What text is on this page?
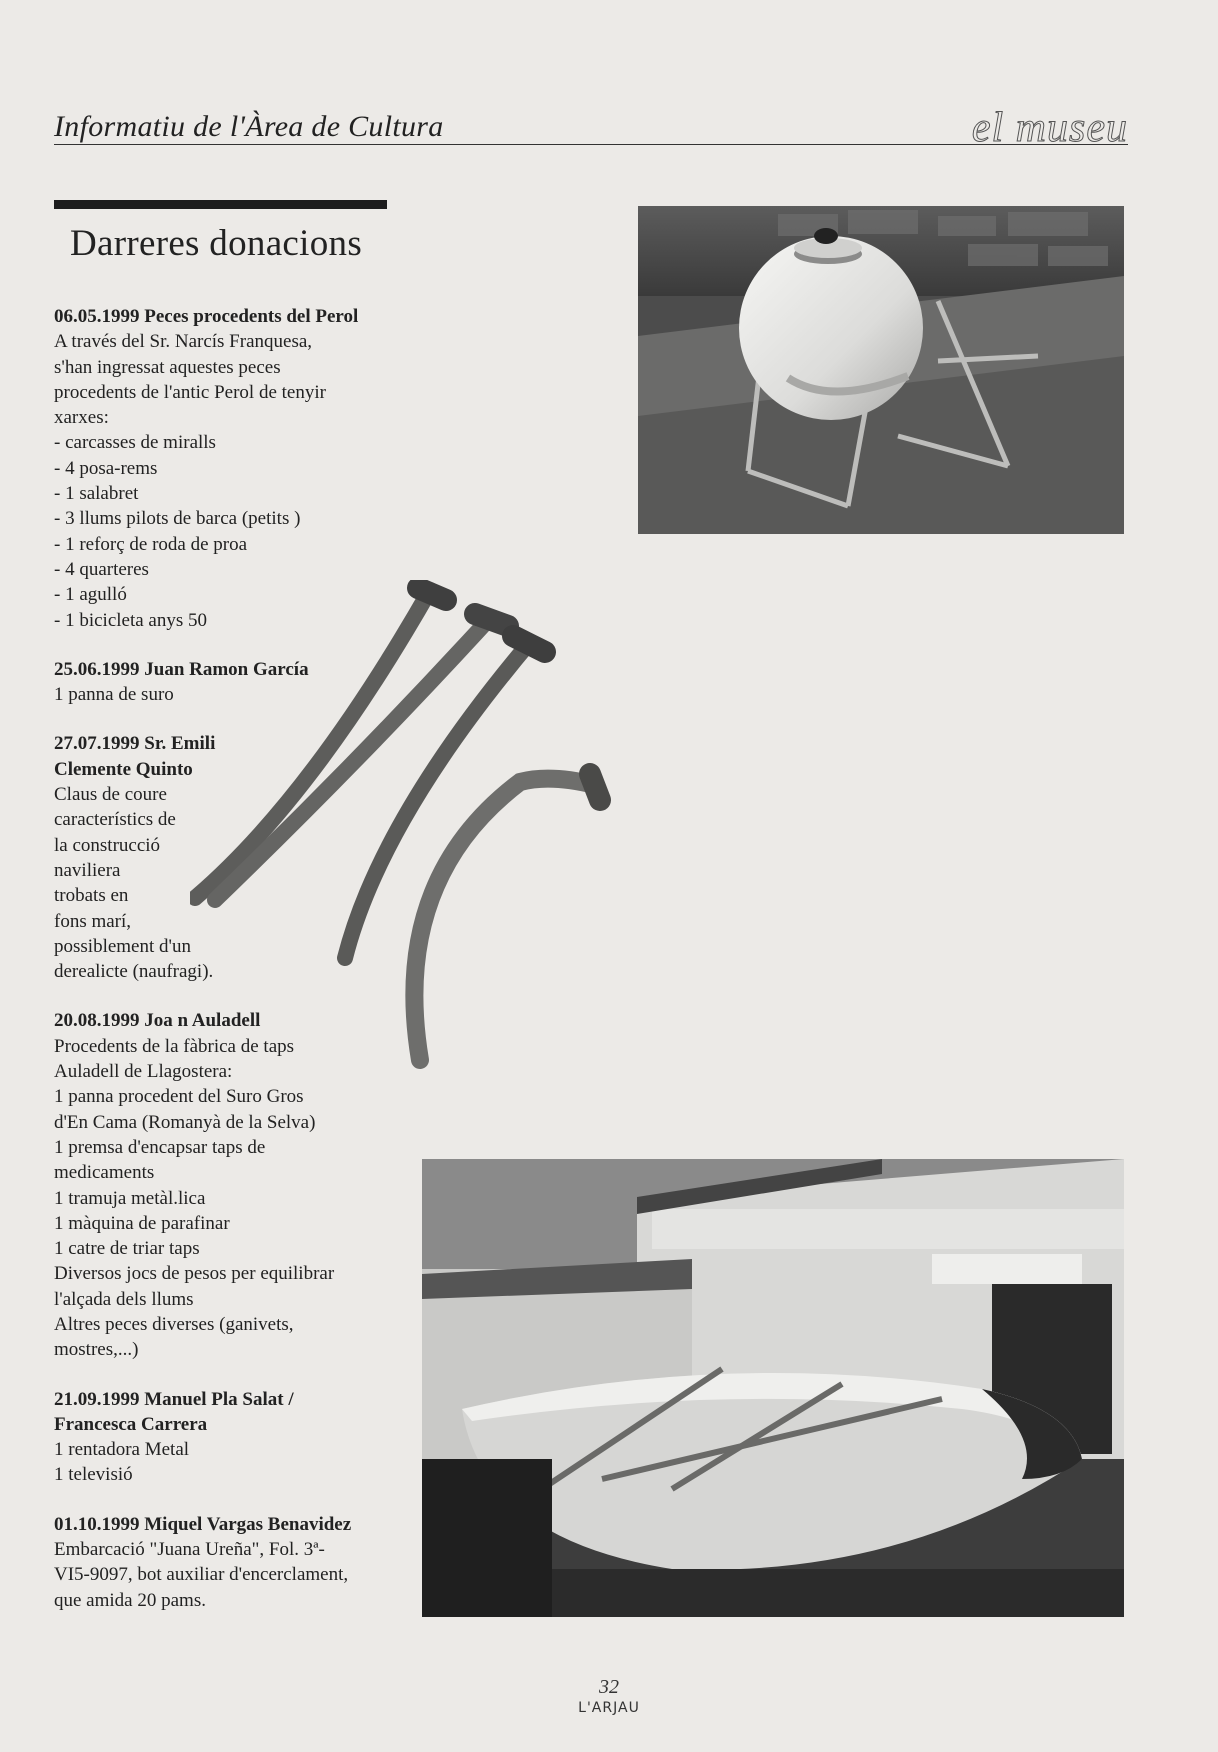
Informatiu de l'Àrea de Cultura	el museu
Darreres donacions
06.05.1999 Peces procedents del Perol
A través del Sr. Narcís Franquesa,
s'han ingressat aquestes peces
procedents de l'antic Perol de tenyir
xarxes:
- carcasses de miralls
- 4 posa-rems
- 1 salabret
- 3 llums pilots de barca (petits )
- 1 reforç de roda de proa
- 4 quarteres
- 1 agulló
- 1 bicicleta anys 50
25.06.1999 Juan Ramon García
1 panna de suro
27.07.1999 Sr. Emili
Clemente Quinto
Claus de coure
característics de
la construcció
naviliera
trobats en
fons marí,
possiblement d'un
derealicte (naufragi).
20.08.1999 Joa n Auladell
Procedents de la fàbrica de taps
Auladell de Llagostera:
1 panna procedent del Suro Gros
d'En Cama (Romanyà de la Selva)
1 premsa d'encapsar taps de
medicaments
1 tramuja metàl.lica
1 màquina de parafinar
1 catre de triar taps
Diversos jocs de pesos per equilibrar
l'alçada dels llums
Altres peces diverses (ganivets,
mostres,...)
21.09.1999 Manuel Pla Salat /
Francesca Carrera
1 rentadora Metal
1 televisió
01.10.1999 Miquel Vargas Benavidez
Embarcació "Juana Ureña", Fol. 3ª-
VI5-9097, bot auxiliar d'encerclament,
que amida 20 pams.
32
L'ARJAU
